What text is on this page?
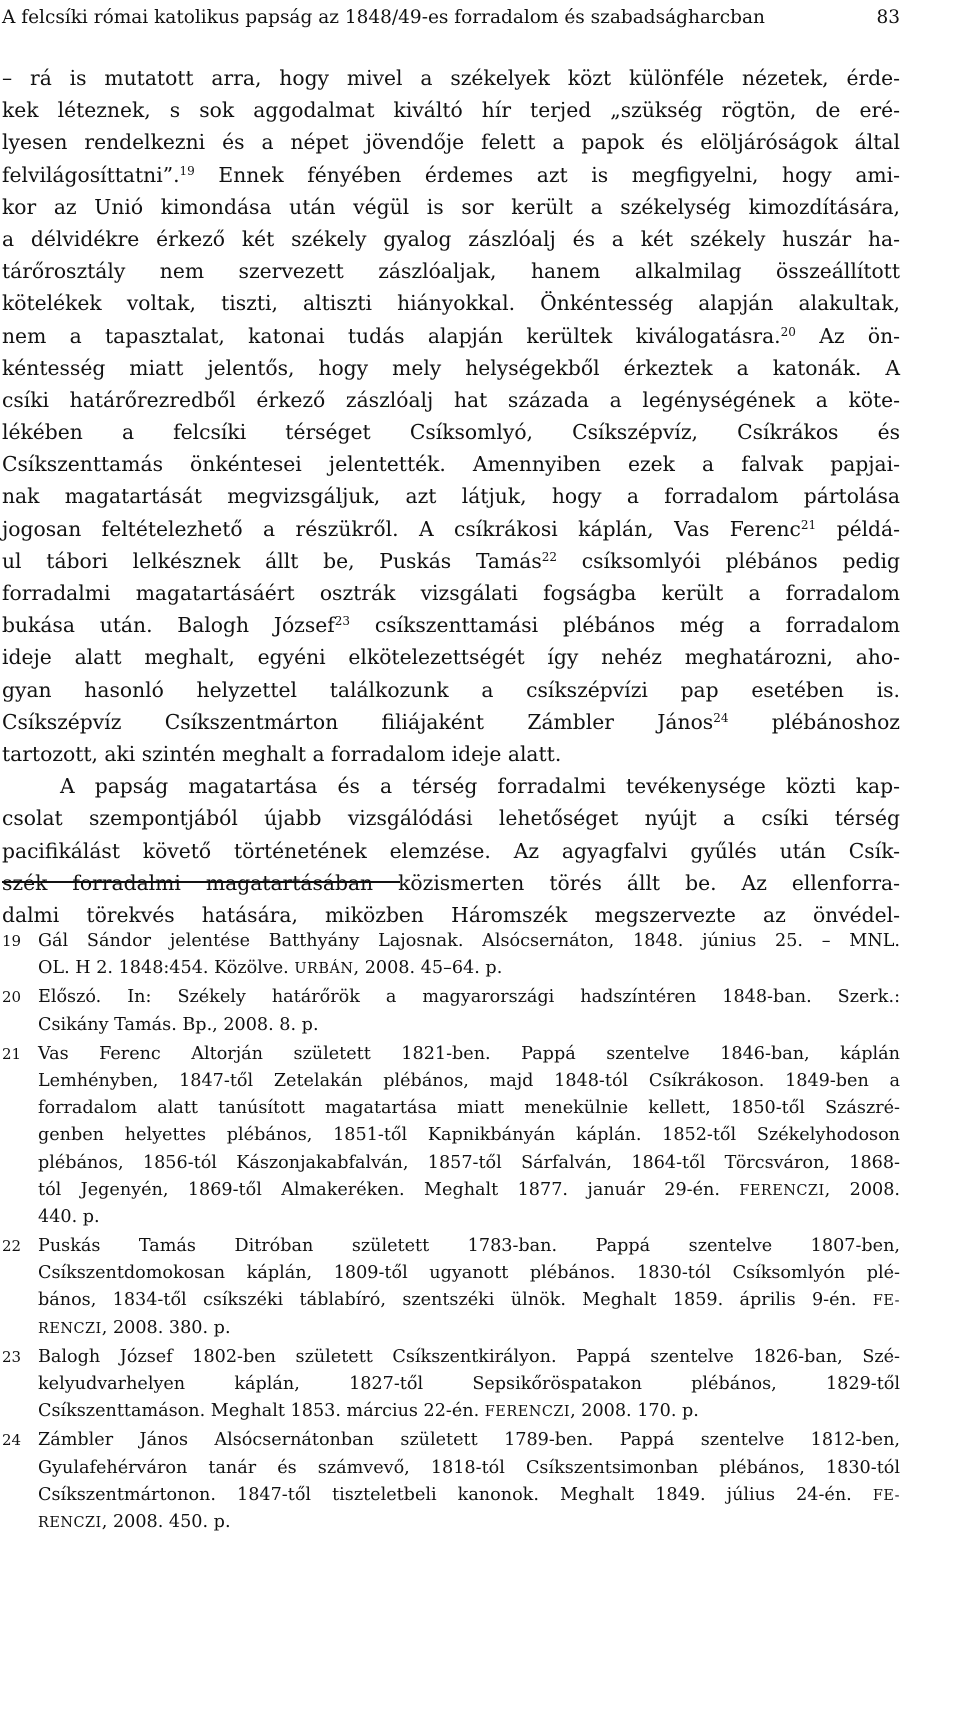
A felcsíki római katolikus papság az 1848/49-es forradalom és szabadságharcban	83
– rá is mutatott arra, hogy mivel a székelyek közt különféle nézetek, érde-
kek léteznek, s sok aggodalmat kiváltó hír terjed „szükség rögtön, de eré-
lyesen rendelkezni és a népet jövendője felett a papok és elöljáróságok által
felvilágosíttatni”.$^{19}$ Ennek fényében érdemes azt is megfigyelni, hogy ami-
kor az Unió kimondása után végül is sor került a székelység kimozdítására,
a délvidékre érkező két székely gyalog zászlóalj és a két székely huszár ha-
tárőrosztály nem szervezett zászlóaljak, hanem alkalmilag összeállított
kötelékek voltak, tiszti, altiszti hiányokkal. Önkéntesség alapján alakultak,
nem a tapasztalat, katonai tudás alapján kerültek kiválogatásra.$^{20}$ Az ön-
kéntesség miatt jelentős, hogy mely helységekből érkeztek a katonák. A
csíki határőrezredből érkező zászlóalj hat százada a legénységének a köte-
lékében a felcsíki térséget Csíksomlyó, Csíkszépvíz, Csíkrákos és
Csíkszenttamás önkéntesei jelentették. Amennyiben ezek a falvak papjai-
nak magatartását megvizsgáljuk, azt látjuk, hogy a forradalom pártolása
jogosan feltételezhető a részükről. A csíkrákosi káplán, Vas Ferenc$^{21}$ példá-
ul tábori lelkésznek állt be, Puskás Tamás$^{22}$ csíksomlyói plébános pedig
forradalmi magatartásáért osztrák vizsgálati fogságba került a forradalom
bukása után. Balogh József$^{23}$ csíkszenttamási plébános még a forradalom
ideje alatt meghalt, egyéni elkötelezettségét így nehéz meghatározni, aho-
gyan hasonló helyzettel találkozunk a csíkszépvízi pap esetében is.
Csíkszépvíz Csíkszentmárton filiájaként Zámbler János$^{24}$ plébánoshoz
tartozott, aki szintén meghalt a forradalom ideje alatt.
A papság magatartása és a térség forradalmi tevékenysége közti kap-
csolat szempontjából újabb vizsgálódási lehetőséget nyújt a csíki térség
pacifikálást követő történetének elemzése. Az agyagfalvi gyűlés után Csík-
szék forradalmi magatartásában közismerten törés állt be. Az ellenforra-
dalmi törekvés hatására, miközben Háromszék megszervezte az önvédel-
19 Gál Sándor jelentése Batthyány Lajosnak. Alsócsernáton, 1848. június 25. – MNL.
OL. H 2. 1848:454. Közölve. URBÁN, 2008. 45–64. p.
20 Előszó. In: Székely határőrök a magyarországi hadszíntéren 1848-ban. Szerk.:
Csikány Tamás. Bp., 2008. 8. p.
21 Vas Ferenc Altorján született 1821-ben. Pappá szentelve 1846-ban, káplán
Lemhényben, 1847-től Zetelakán plébános, majd 1848-tól Csíkrákoson. 1849-ben a
forradalom alatt tanúsított magatartása miatt menekülnie kellett, 1850-től Szászré-
genben helyettes plébános, 1851-től Kapnikbányán káplán. 1852-től Székelyhodoson
plébános, 1856-tól Kászonjakabfalván, 1857-től Sárfalván, 1864-től Törcsváron, 1868-
tól Jegenyén, 1869-től Almakeréken. Meghalt 1877. január 29-én. FERENCZI, 2008.
440. p.
22 Puskás Tamás Ditróban született 1783-ban. Pappá szentelve 1807-ben,
Csíkszentdomokosan káplán, 1809-től ugyanott plébános. 1830-tól Csíksomlyón plé-
bános, 1834-től csíkszéki táblabíró, szentszéki ülnök. Meghalt 1859. április 9-én. FE-
RENCZI, 2008. 380. p.
23 Balogh József 1802-ben született Csíkszentkirályon. Pappá szentelve 1826-ban, Szé-
kelyudvarhelyen káplán, 1827-től Sepsikőröspatakon plébános, 1829-től
Csíkszenttamáson. Meghalt 1853. március 22-én. FERENCZI, 2008. 170. p.
24 Zámbler János Alsócsernátonban született 1789-ben. Pappá szentelve 1812-ben,
Gyulafehérváron tanár és számvevő, 1818-tól Csíkszentsimonban plébános, 1830-tól
Csíkszentmártonon. 1847-től tiszteletbeli kanonok. Meghalt 1849. július 24-én. FE-
RENCZI, 2008. 450. p.
